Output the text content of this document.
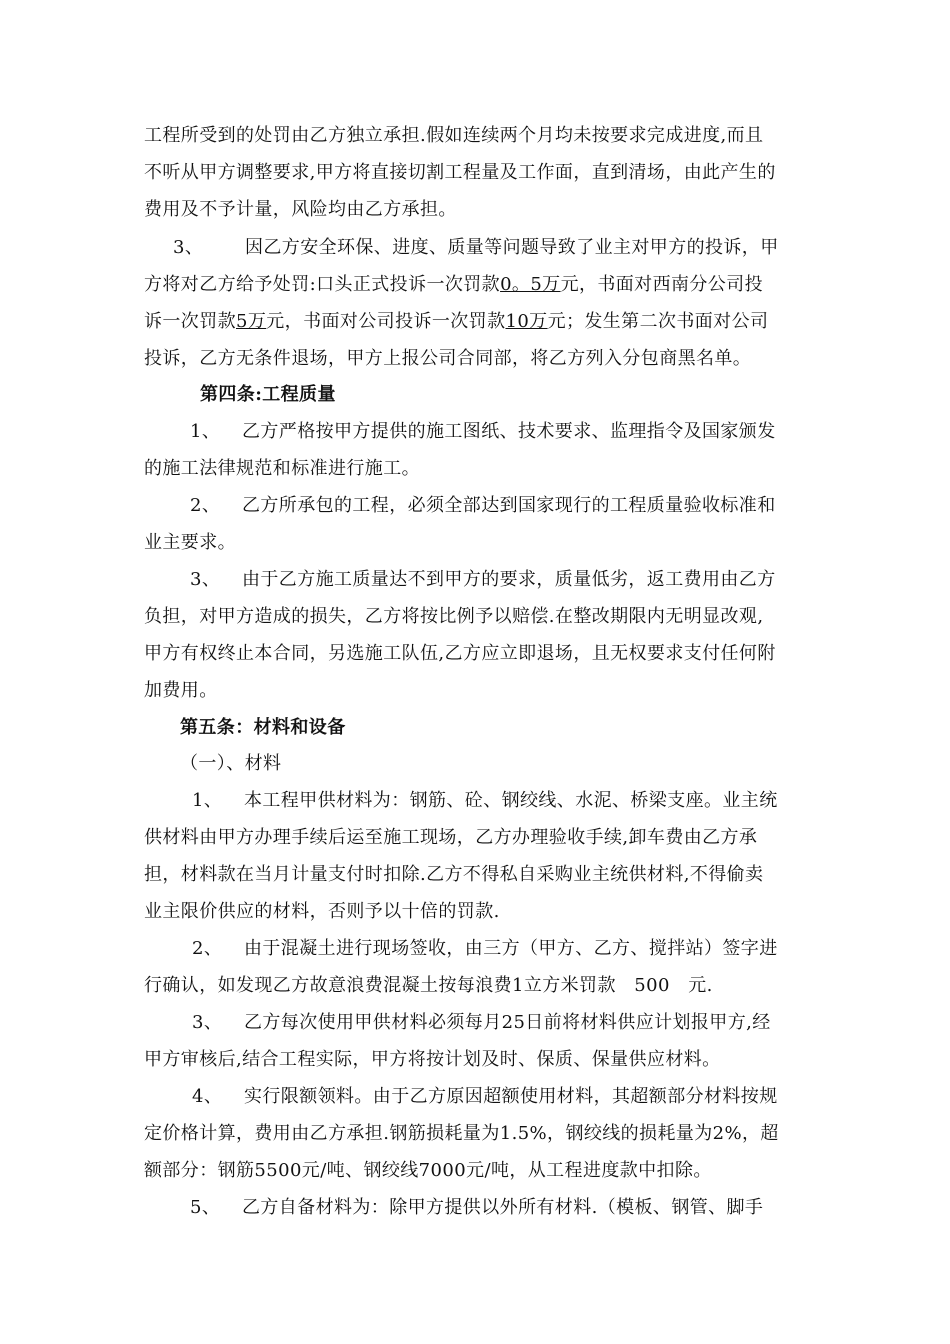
工程所受到的处罚由乙方独立承担.假如连续两个月均未按要求完成进度,而且
不听从甲方调整要求,甲方将直接切割工程量及工作面，直到清场，由此产生的
费用及不予计量，风险均由乙方承担。
3、 因乙方安全环保、进度、质量等问题导致了业主对甲方的投诉，甲
方将对乙方给予处罚:口头正式投诉一次罚款0。5万元，书面对西南分公司投
诉一次罚款5万元，书面对公司投诉一次罚款10万元；发生第二次书面对公司
投诉，乙方无条件退场，甲方上报公司合同部，将乙方列入分包商黑名单。
第四条:工程质量
1、 乙方严格按甲方提供的施工图纸、技术要求、监理指令及国家颁发
的施工法律规范和标准进行施工。
2、 乙方所承包的工程，必须全部达到国家现行的工程质量验收标准和
业主要求。
3、 由于乙方施工质量达不到甲方的要求，质量低劣，返工费用由乙方
负担，对甲方造成的损失，乙方将按比例予以赔偿.在整改期限内无明显改观,
甲方有权终止本合同，另选施工队伍,乙方应立即退场，且无权要求支付任何附
加费用。
第五条：材料和设备
（一）、材料
1、 本工程甲供材料为：钢筋、砼、钢绞线、水泥、桥梁支座。业主统
供材料由甲方办理手续后运至施工现场，乙方办理验收手续,卸车费由乙方承
担，材料款在当月计量支付时扣除.乙方不得私自采购业主统供材料,不得偷卖
业主限价供应的材料，否则予以十倍的罚款.
2、 由于混凝土进行现场签收，由三方（甲方、乙方、搅拌站）签字进
行确认，如发现乙方故意浪费混凝土按每浪费1立方米罚款　500　元.
3、 乙方每次使用甲供材料必须每月25日前将材料供应计划报甲方,经
甲方审核后,结合工程实际，甲方将按计划及时、保质、保量供应材料。
4、 实行限额领料。由于乙方原因超额使用材料，其超额部分材料按规
定价格计算，费用由乙方承担.钢筋损耗量为1.5%，钢绞线的损耗量为2%，超
额部分：钢筋5500元/吨、钢绞线7000元/吨，从工程进度款中扣除。
5、 乙方自备材料为：除甲方提供以外所有材料.（模板、钢管、脚手
